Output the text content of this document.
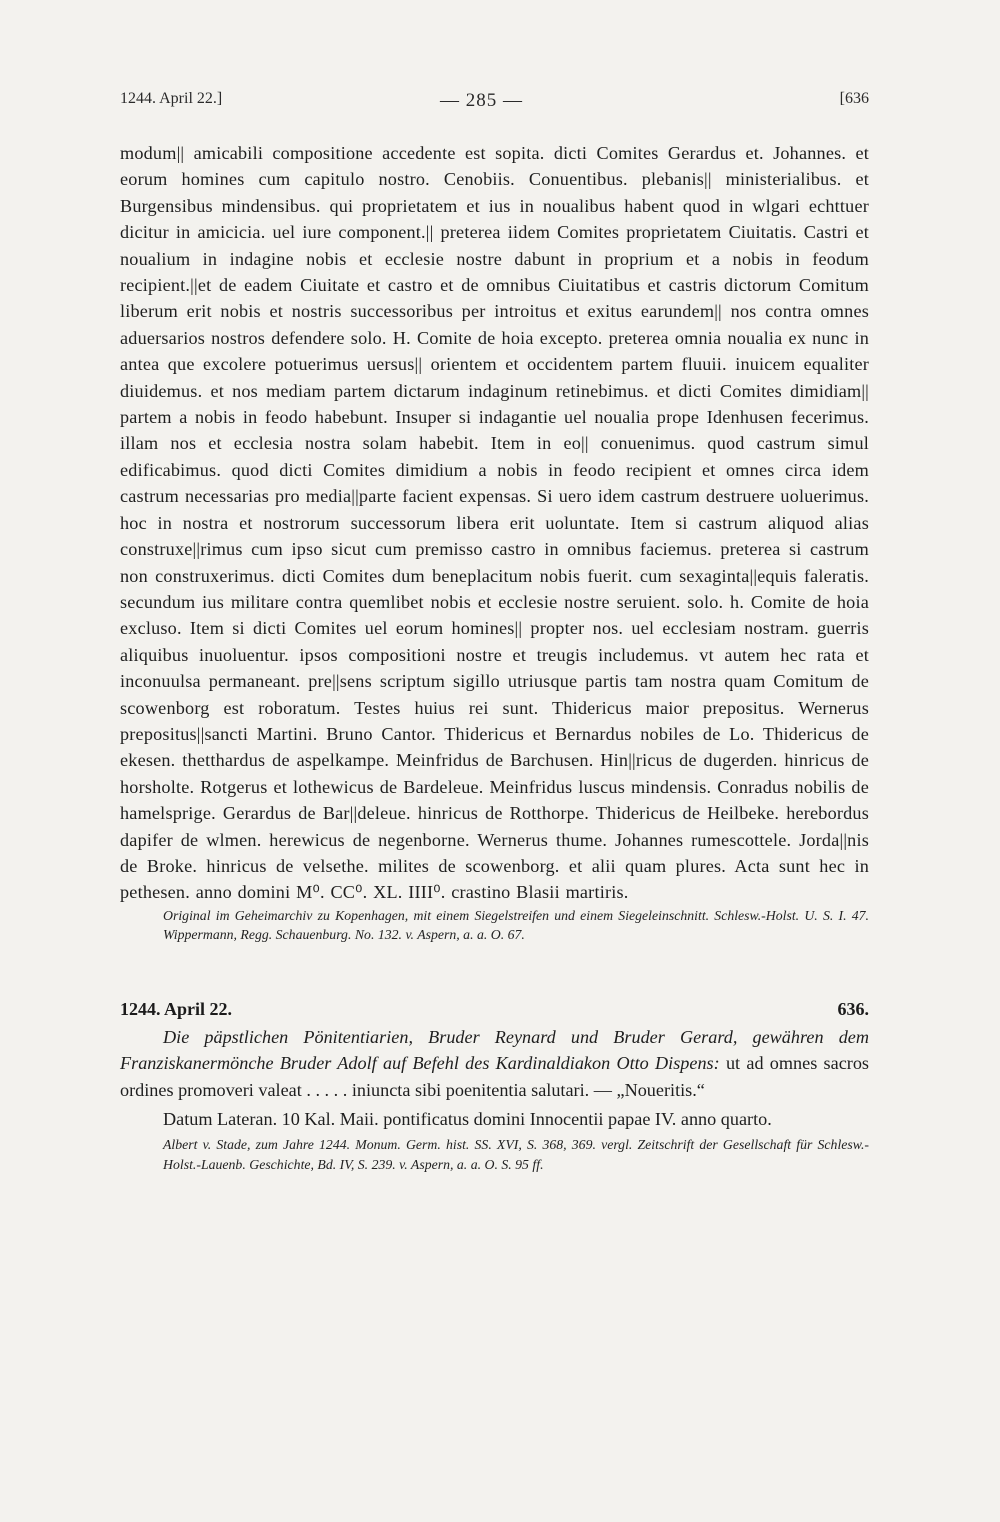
1244. April 22.]	— 285 —	[636

modum|| amicabili compositione accedente est sopita. dicti Comites Gerardus et. Johannes. et eorum homines cum capitulo nostro. Cenobiis. Conuentibus. plebanis|| ministerialibus. et Burgensibus mindensibus. qui proprietatem et ius in noualibus habent quod in wlgari echttuer dicitur in amicicia. uel iure component.|| preterea iidem Comites proprietatem Ciuitatis. Castri et noualium in indagine nobis et ecclesie nostre dabunt in proprium et a nobis in feodum recipient.||et de eadem Ciuitate et castro et de omnibus Ciuitatibus et castris dictorum Comitum liberum erit nobis et nostris successoribus per introitus et exitus earundem|| nos contra omnes aduersarios nostros defendere solo. H. Comite de hoia excepto. preterea omnia noualia ex nunc in antea que excolere potuerimus uersus|| orientem et occidentem partem fluuii. inuicem equaliter diuidemus. et nos mediam partem dictarum indaginum retinebimus. et dicti Comites dimidiam|| partem a nobis in feodo habebunt. Insuper si indagantie uel noualia prope Idenhusen fecerimus. illam nos et ecclesia nostra solam habebit. Item in eo|| conuenimus. quod castrum simul edificabimus. quod dicti Comites dimidium a nobis in feodo recipient et omnes circa idem castrum necessarias pro media||parte facient expensas. Si uero idem castrum destruere uoluerimus. hoc in nostra et nostrorum successorum libera erit uoluntate. Item si castrum aliquod alias construxe||rimus cum ipso sicut cum premisso castro in omnibus faciemus. preterea si castrum non construxerimus. dicti Comites dum beneplacitum nobis fuerit. cum sexaginta||equis faleratis. secundum ius militare contra quemlibet nobis et ecclesie nostre seruient. solo. h. Comite de hoia excluso. Item si dicti Comites uel eorum homines|| propter nos. uel ecclesiam nostram. guerris aliquibus inuoluentur. ipsos compositioni nostre et treugis includemus. vt autem hec rata et inconuulsa permaneant. pre||sens scriptum sigillo utriusque partis tam nostra quam Comitum de scowenborg est roboratum. Testes huius rei sunt. Thidericus maior prepositus. Wernerus prepositus||sancti Martini. Bruno Cantor. Thidericus et Bernardus nobiles de Lo. Thidericus de ekesen. thetthardus de aspelkampe. Meinfridus de Barchusen. Hin||ricus de dugerden. hinricus de horsholte. Rotgerus et lothewicus de Bardeleue. Meinfridus luscus mindensis. Conradus nobilis de hamelsprige. Gerardus de Bar||deleue. hinricus de Rotthorpe. Thidericus de Heilbeke. herebordus dapifer de wlmen. herewicus de negenborne. Wernerus thume. Johannes rumescottele. Jorda||nis de Broke. hinricus de velsethe. milites de scowenborg. et alii quam plures. Acta sunt hec in pethesen. anno domini M⁰. CC⁰. XL. IIII⁰. crastino Blasii martiris.

Original im Geheimarchiv zu Kopenhagen, mit einem Siegelstreifen und einem Siegeleinschnitt. Schlesw.-Holst. U. S. I. 47. Wippermann, Regg. Schauenburg. No. 132. v. Aspern, a. a. O. 67.
1244. April 22.	636.
Die päpstlichen Pönitentiarien, Bruder Reynard und Bruder Gerard, gewähren dem Franziskanermönche Bruder Adolf auf Befehl des Kardinaldiakon Otto Dispens: ut ad omnes sacros ordines promoveri valeat . . . . . iniuncta sibi poenitentia salutari. — „Noueritis.“
Datum Lateran. 10 Kal. Maii. pontificatus domini Innocentii papae IV. anno quarto.
Albert v. Stade, zum Jahre 1244. Monum. Germ. hist. SS. XVI, S. 368, 369. vergl. Zeitschrift der Gesellschaft für Schlesw.-Holst.-Lauenb. Geschichte, Bd. IV, S. 239. v. Aspern, a. a. O. S. 95 ff.
